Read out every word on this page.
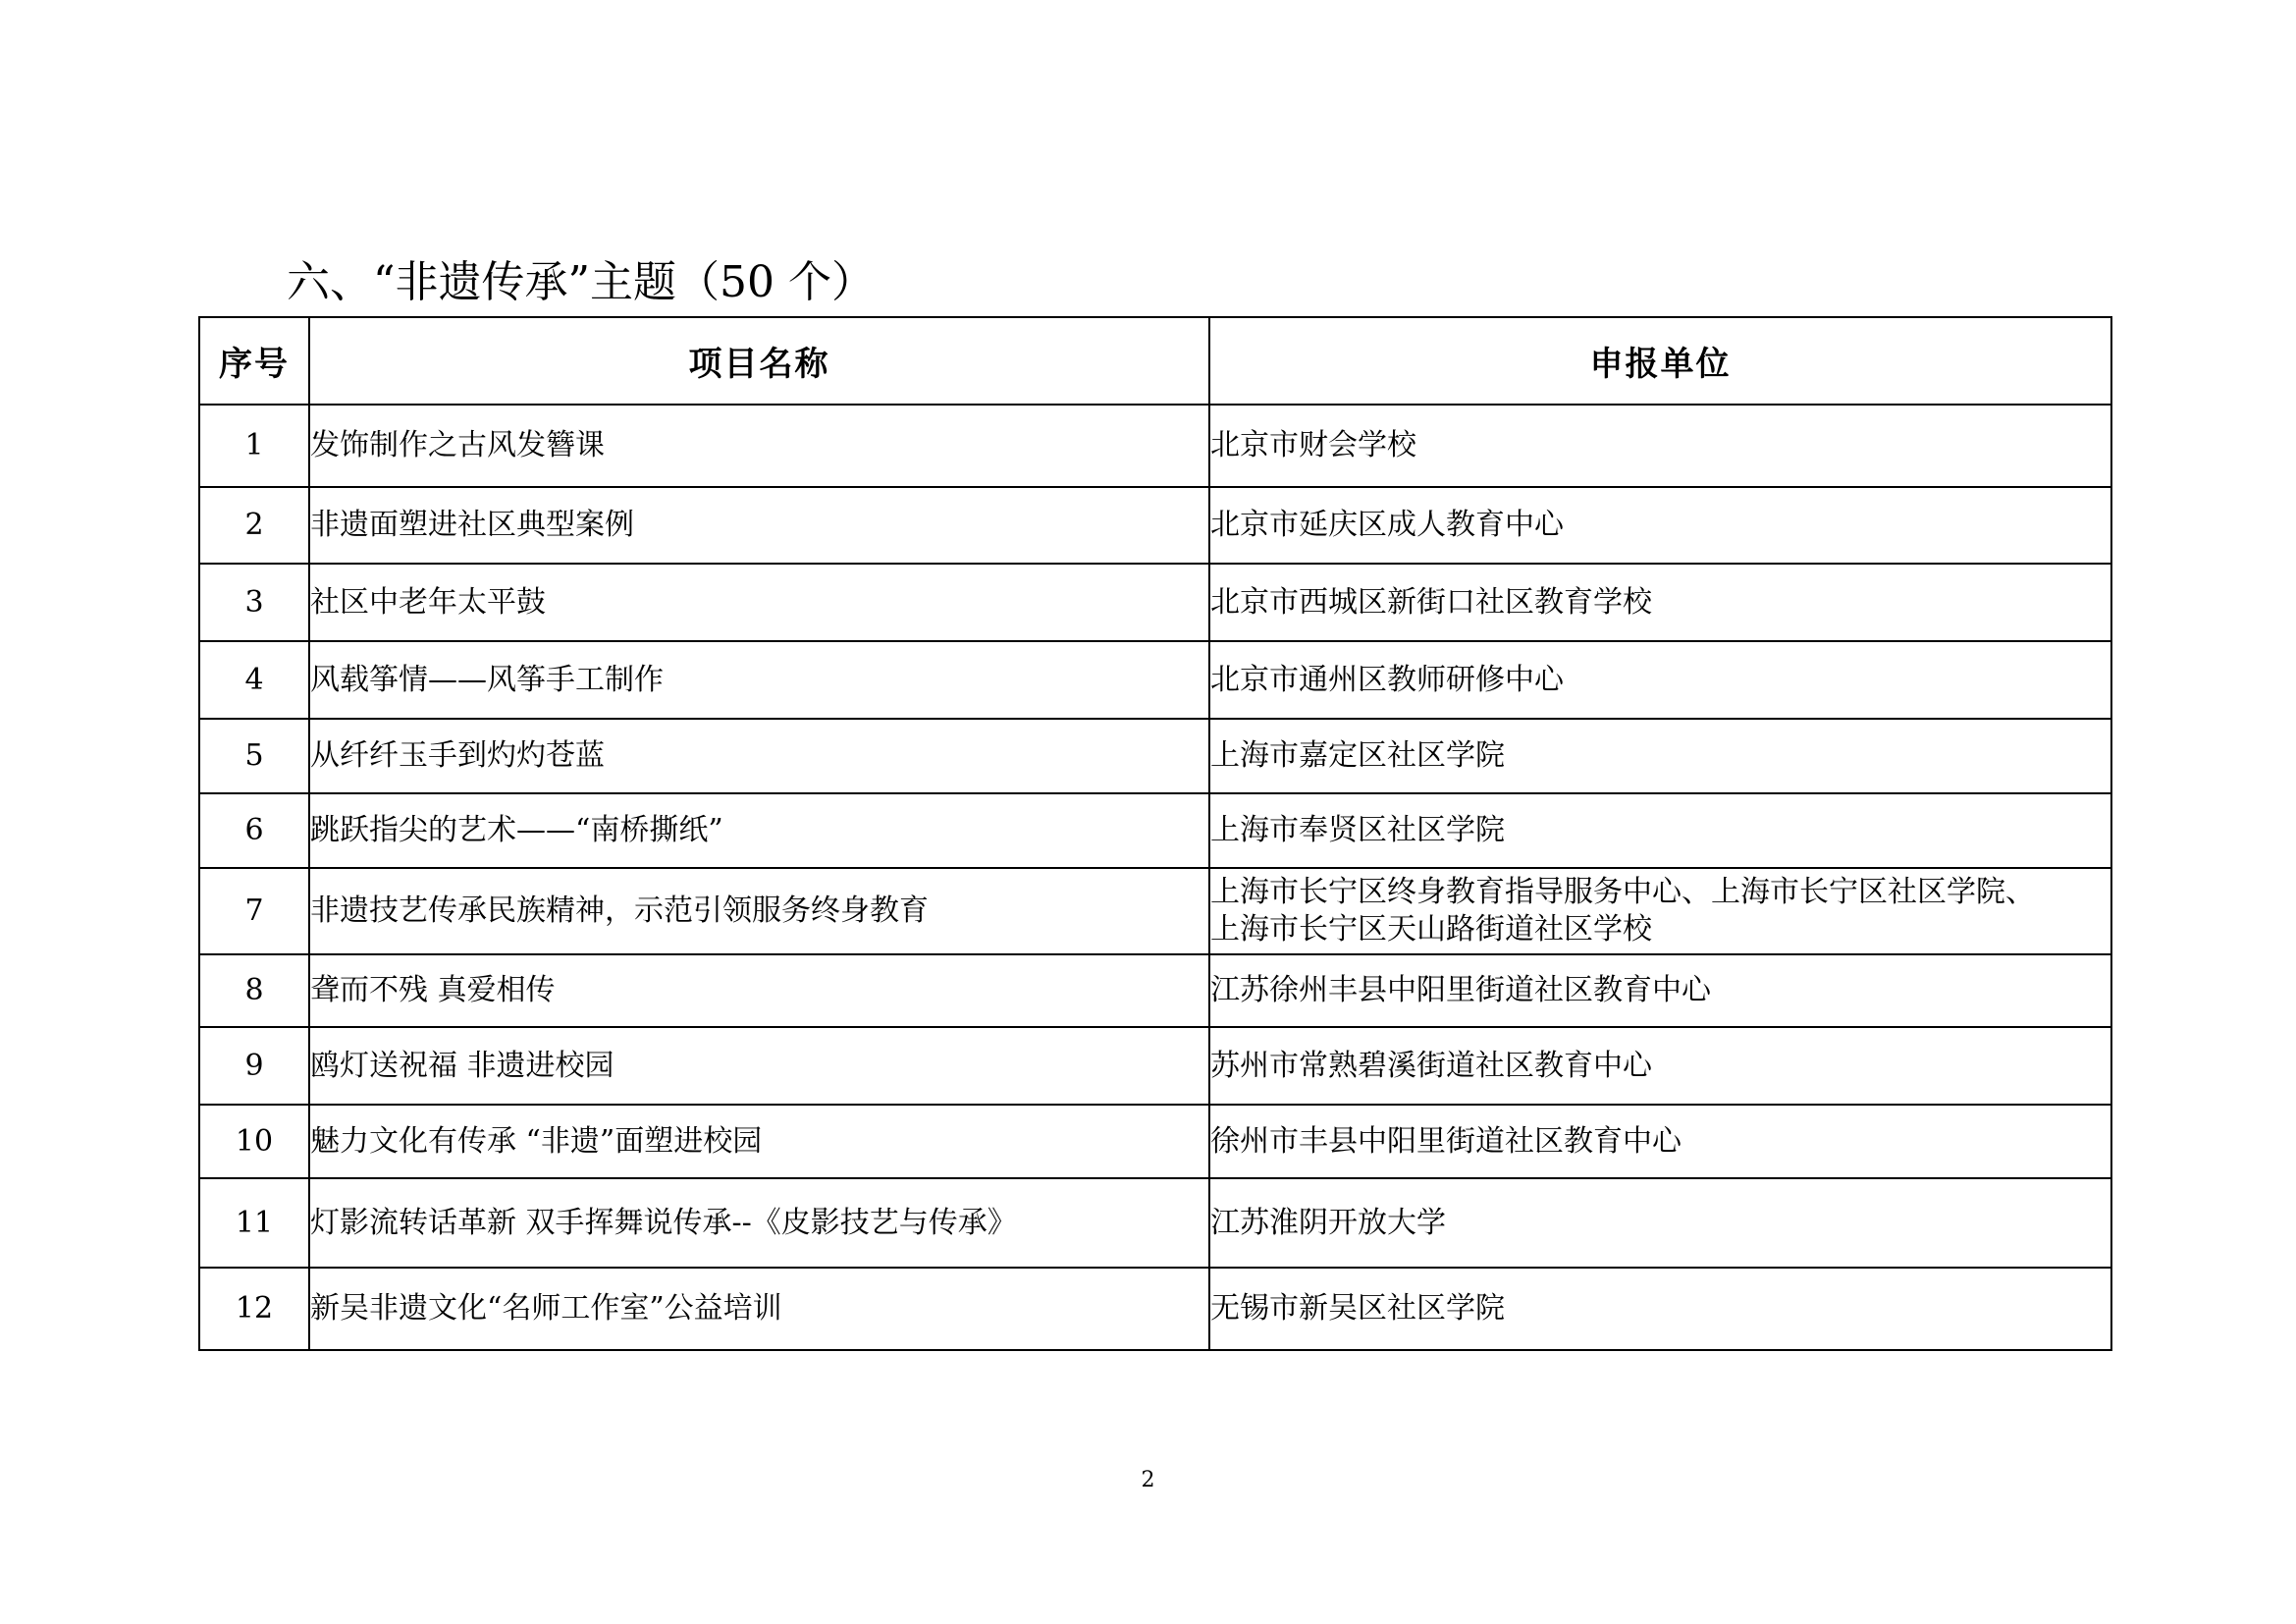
六、“非遗传承”主题（50 个）
序号	项目名称	申报单位
1	发饰制作之古风发簪课	北京市财会学校
2	非遗面塑进社区典型案例	北京市延庆区成人教育中心
3	社区中老年太平鼓	北京市西城区新街口社区教育学校
4	风载筝情——风筝手工制作	北京市通州区教师研修中心
5	从纤纤玉手到灼灼苍蓝	上海市嘉定区社区学院
6	跳跃指尖的艺术——“南桥撕纸”	上海市奉贤区社区学院
7	非遗技艺传承民族精神，示范引领服务终身教育	上海市长宁区终身教育指导服务中心、上海市长宁区社区学院、
上海市长宁区天山路街道社区学校

8	聋而不残 真爱相传	江苏徐州丰县中阳里街道社区教育中心
9	鸥灯送祝福 非遗进校园	苏州市常熟碧溪街道社区教育中心
10	魅力文化有传承 “非遗”面塑进校园	徐州市丰县中阳里街道社区教育中心
11	灯影流转话革新 双手挥舞说传承--《皮影技艺与传承》	江苏淮阴开放大学
12	新吴非遗文化“名师工作室”公益培训	无锡市新吴区社区学院
2
